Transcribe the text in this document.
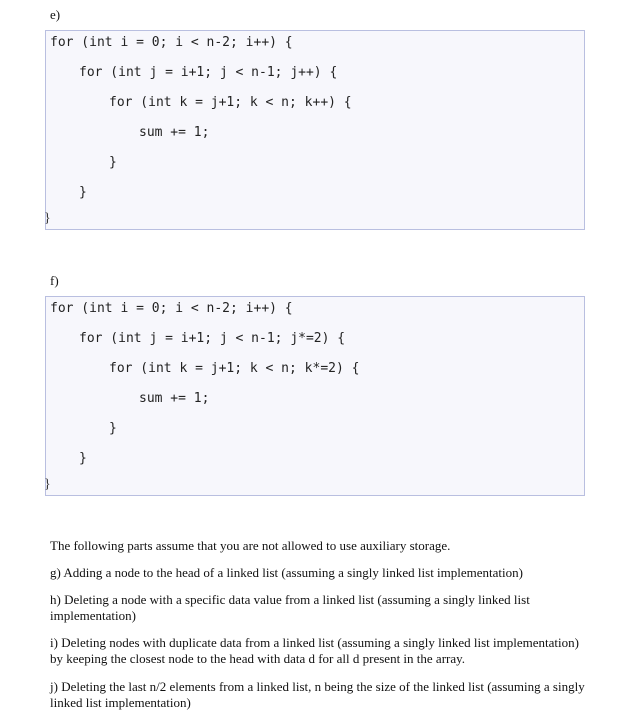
e)
for (int i = 0; i < n-2; i++) {
for (int j = i+1; j < n-1; j++) {
for (int k = j+1; k < n; k++) {
sum += 1;
}
}
}
f)
for (int i = 0; i < n-2; i++) {
for (int j = i+1; j < n-1; j*=2) {
for (int k = j+1; k < n; k*=2) {
sum += 1;
}
}
}
The following parts assume that you are not allowed to use auxiliary storage.
g) Adding a node to the head of a linked list (assuming a singly linked list implementation)
h) Deleting a node with a specific data value from a linked list (assuming a singly linked list implementation)
i) Deleting nodes with duplicate data from a linked list (assuming a singly linked list implementation) by keeping the closest node to the head with data d for all d present in the array.
j) Deleting the last n/2 elements from a linked list, n being the size of the linked list (assuming a singly linked list implementation)
